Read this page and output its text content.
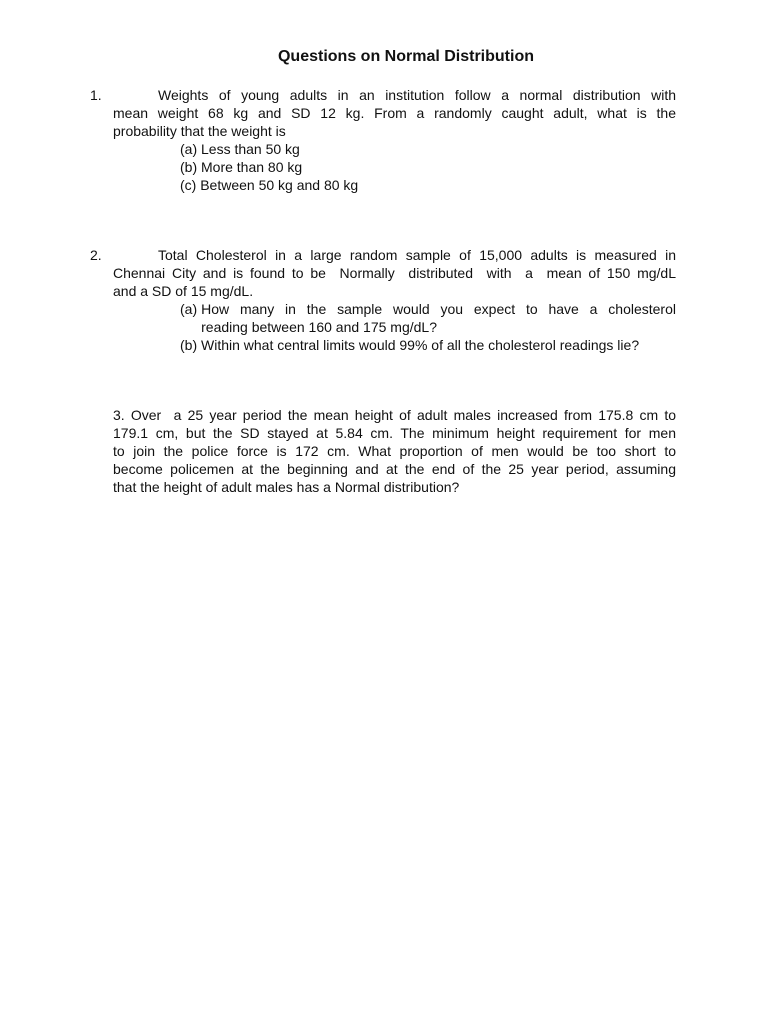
Questions on Normal Distribution
1.	Weights of young adults in an institution follow a normal distribution with
mean weight 68 kg and SD 12 kg. From a randomly caught adult, what is the
probability that the weight is
(a) Less than 50 kg
(b) More than 80 kg
(c) Between 50 kg and 80 kg
2.	Total Cholesterol in a large random sample of 15,000 adults is measured in
Chennai City and is found to be  Normally  distributed  with  a  mean of 150 mg/dL
and a SD of 15 mg/dL.
(a) How many in the sample would you expect to have a cholesterol
reading between 160 and 175 mg/dL?
(b) Within what central limits would 99% of all the cholesterol readings lie?
3. Over  a 25 year period the mean height of adult males increased from 175.8 cm to
179.1 cm, but the SD stayed at 5.84 cm. The minimum height requirement for men
to join the police force is 172 cm. What proportion of men would be too short to
become policemen at the beginning and at the end of the 25 year period, assuming
that the height of adult males has a Normal distribution?
